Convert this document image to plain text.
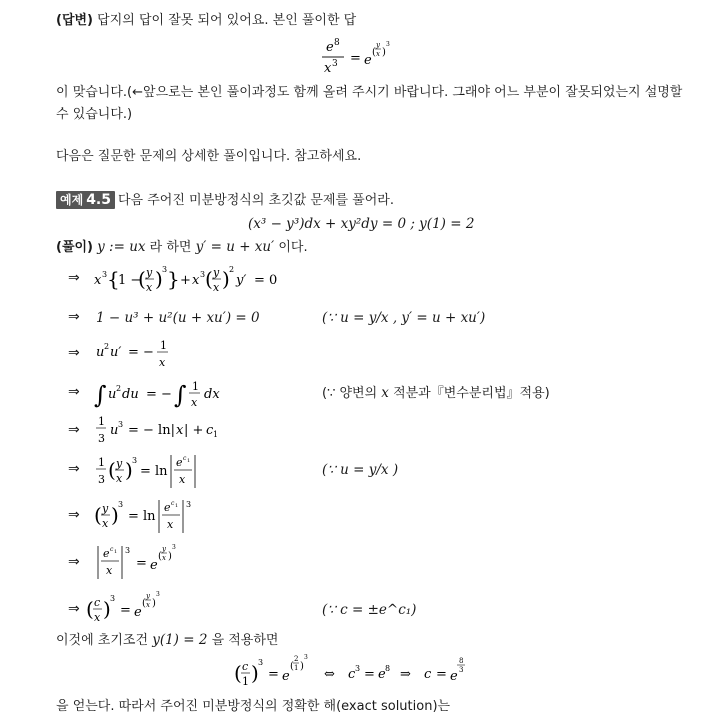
(답변) 답지의 답이 잘못 되어 있어요. 본인 풀이한 답
e 8
x 3 = e
(
y
x )
3
이 맞습니다.(←앞으로는 본인 풀이과정도 함께 올려 주시기 바랍니다. 그래야 어느 부분이 잘못되었는지 설명할
수 있습니다.)
다음은 질문한 문제의 상세한 풀이입니다. 참고하세요.
예제 4.5 다음 주어진 미분방정식의 초깃값 문제를 풀어라.
(x³ − y³)dx + xy²dy = 0 ; y(1) = 2
(풀이) y := ux 라 하면 y′ = u + xu′ 이다.
⇒
⇒
⇒
⇒
⇒
⇒
⇒
⇒
⇒
x 3 {
1 −
( y
x ) 3 } + x 3 ( y
x ) 2
y′ = 0
1 − u³ + u²(u + xu′) = 0	(∵ u = y/x , y′ = u + xu′)
u 2 u′ = − 1
x
∫ u 2 du = − ∫ 1
x
dx	(∵ 양변의 x 적분과『변수분리법』적용)
1
3
u 3 = − ln| x | + c 1
1
3 ( y
x ) 3
= ln
e c 1
x
(∵ u = y/x )
( y
x ) 3
= ln
e c 1
x
3
e c 1
x
3
= e
(
y
x )
3
( c
x ) 3
= e
(
y
x )
3
(∵ c = ±e^c₁)
이것에 초기조건 y(1) = 2 을 적용하면
( c
1 ) 3
= e
(
2
1 )
3
⇔ c 3 = e 8 ⇒ c = e
8
3
을 얻는다. 따라서 주어진 미분방정식의 정확한 해(exact solution)는
